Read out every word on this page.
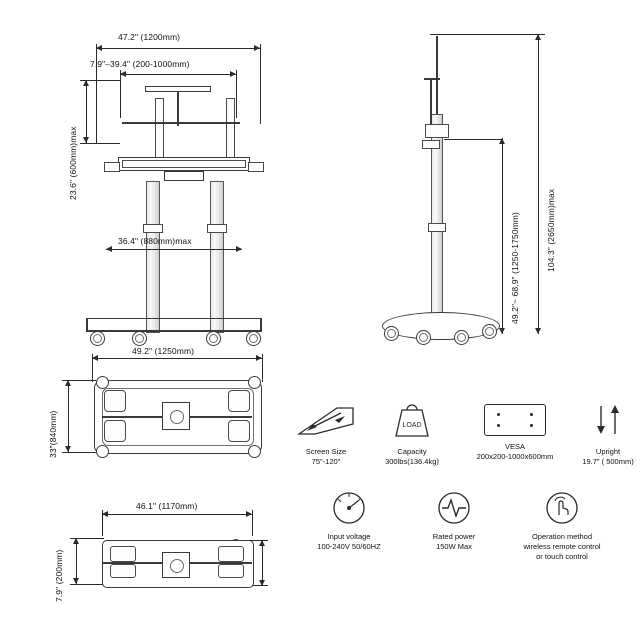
47.2" (1200mm)
7.9"–39.4" (200-1000mm)
23.6" (600mm)max
36.4" (880mm)max	104.3" (2650mm)max
49.2"~ 68.9" (1250-1750mm)
49.2" (1250mm)
33"(840mm)
46.1" (1170mm)
7.9" (200mm)
Screen Size
75"-120"
LOAD
Capacity
300lbs(136.4kg)
VESA
200x200-1000x600mm
Upright
19.7" ( 500mm)
Input voltage
100-240V 50/60HZ
Rated power
150W Max
Operation method
wireless remote control
or touch control
